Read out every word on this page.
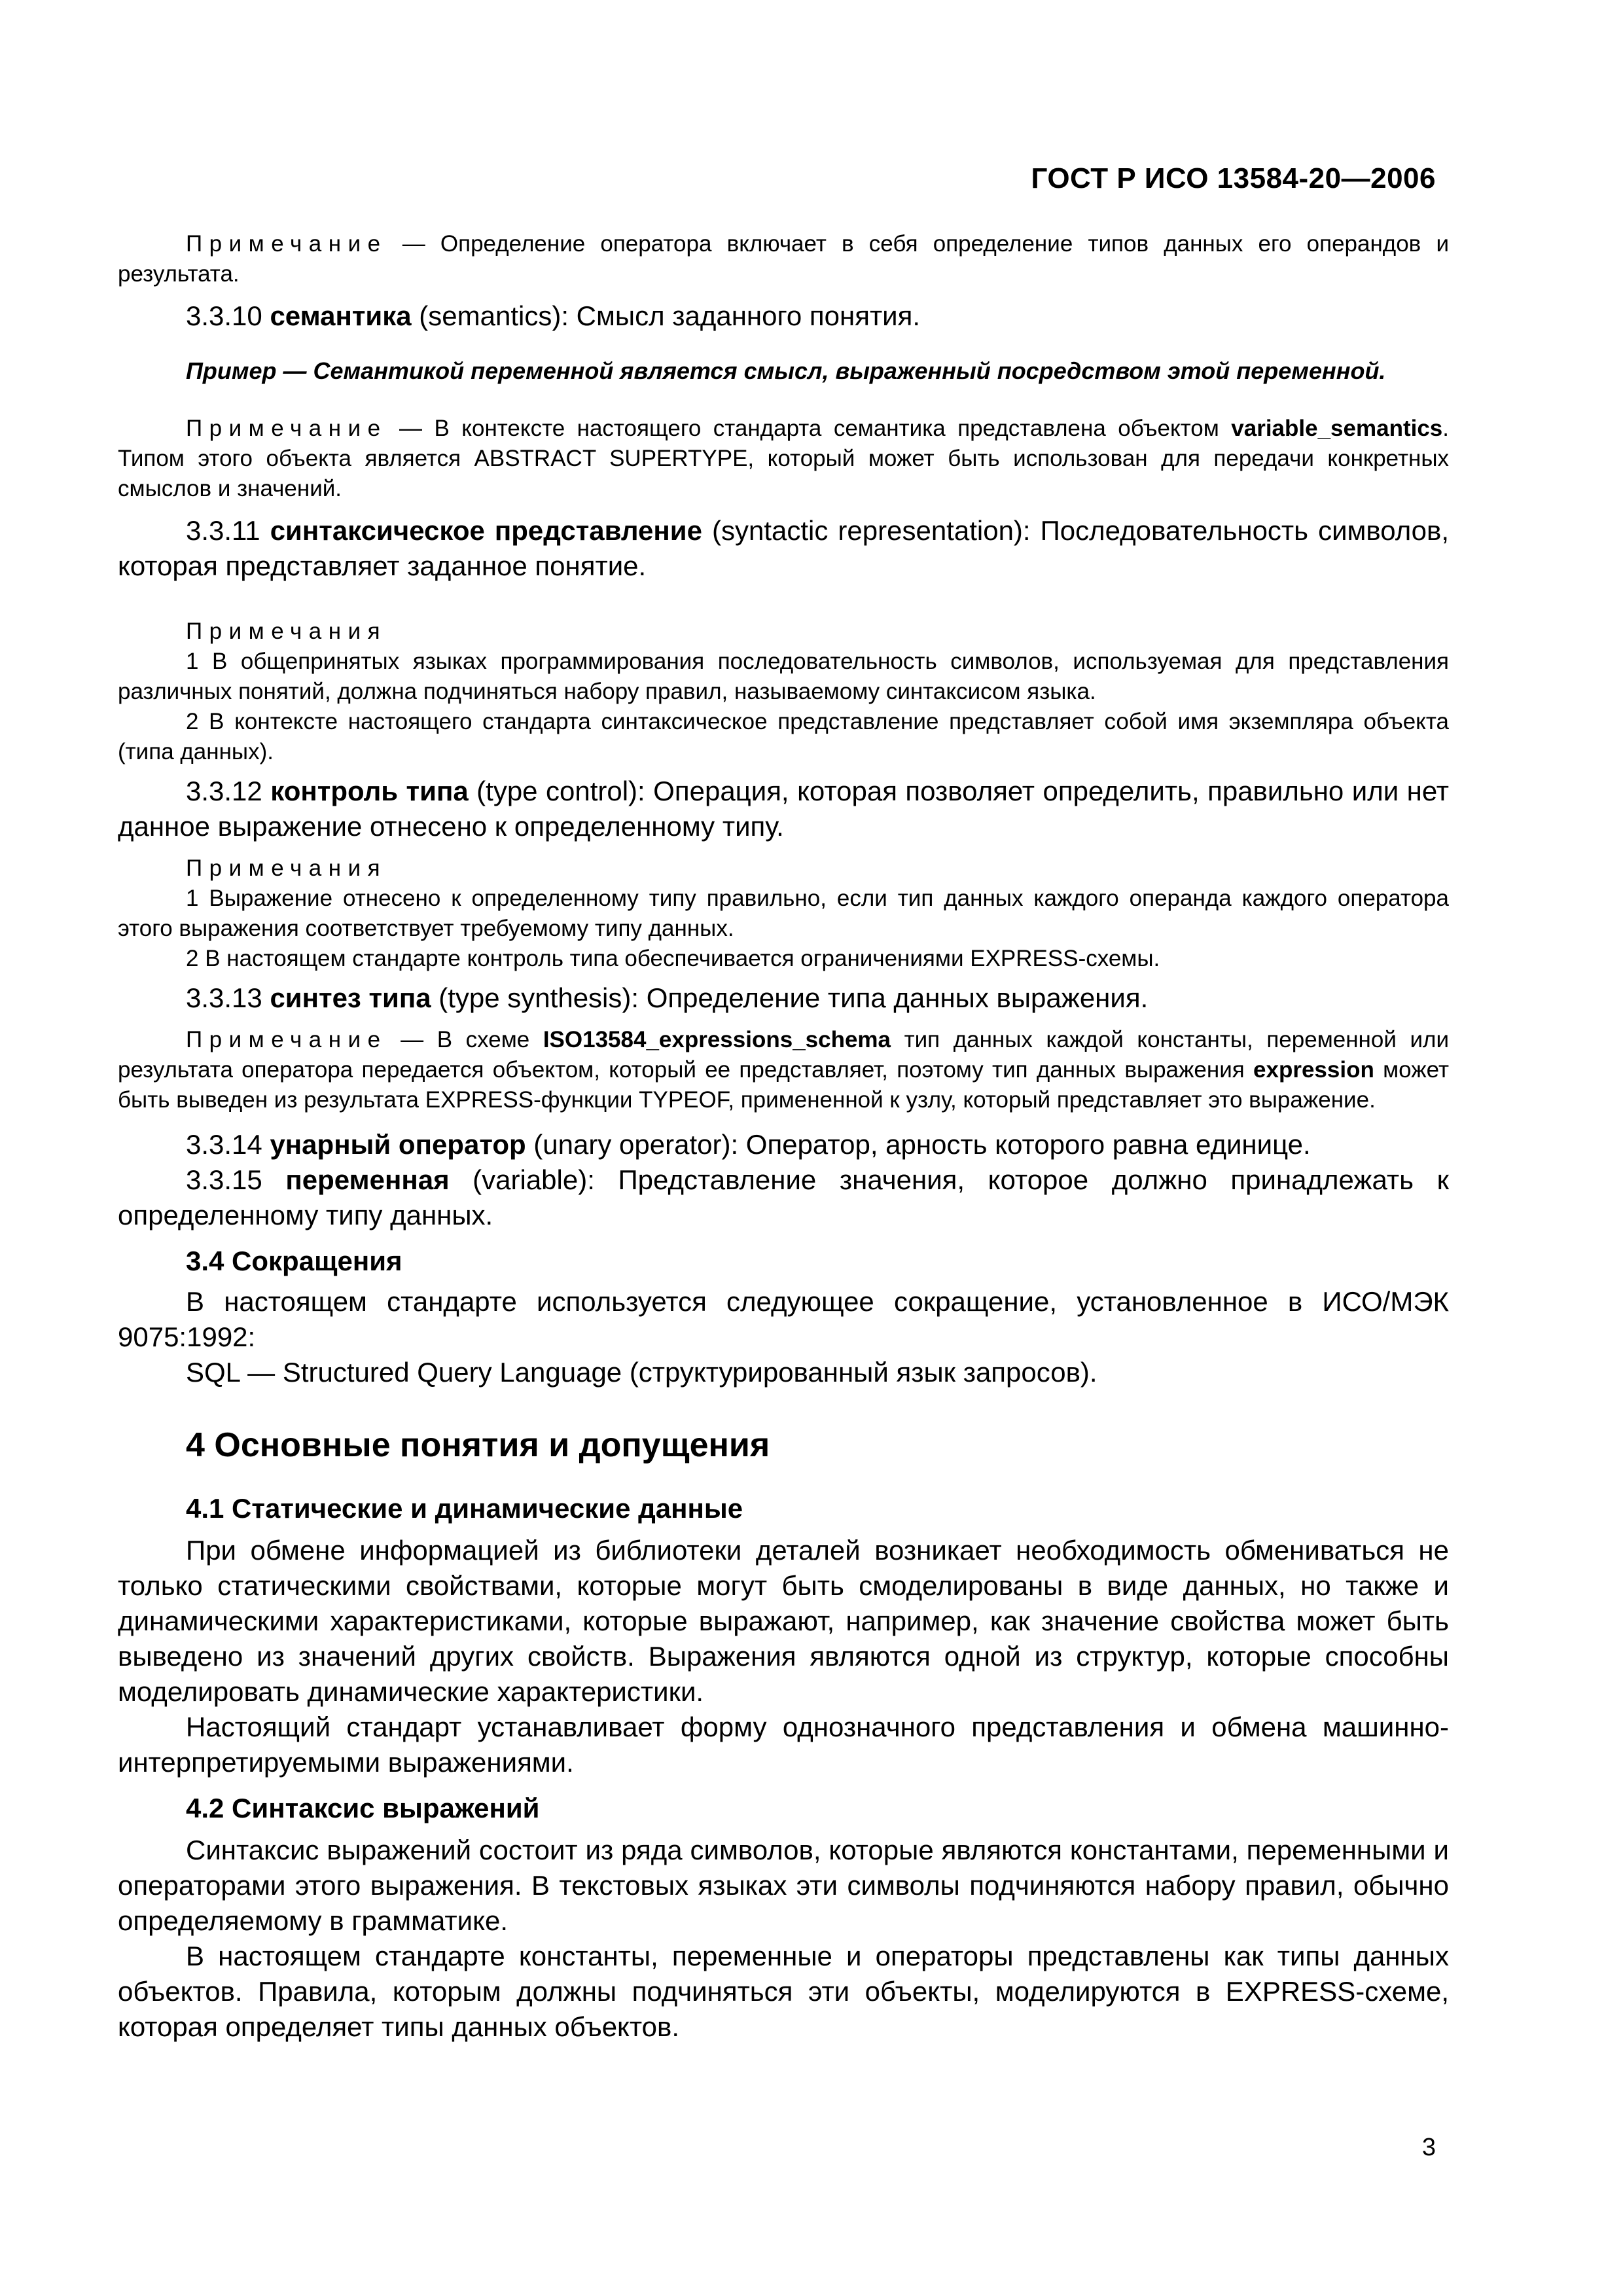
ГОСТ Р ИСО 13584-20—2006

Примечание — Определение оператора включает в себя определение типов данных его операндов и результата.

3.3.10 семантика (semantics): Смысл заданного понятия.

Пример — Семантикой переменной является смысл, выраженный посредством этой переменной.

Примечание — В контексте настоящего стандарта семантика представлена объектом variable_semantics. Типом этого объекта является ABSTRACT SUPERTYPE, который может быть использован для передачи конкретных смыслов и значений.

3.3.11 синтаксическое представление (syntactic representation): Последовательность символов, которая представляет заданное понятие.

Примечания

1 В общепринятых языках программирования последовательность символов, используемая для представления различных понятий, должна подчиняться набору правил, называемому синтаксисом языка.

2 В контексте настоящего стандарта синтаксическое представление представляет собой имя экземпляра объекта (типа данных).

3.3.12 контроль типа (type control): Операция, которая позволяет определить, правильно или нет данное выражение отнесено к определенному типу.

Примечания

1 Выражение отнесено к определенному типу правильно, если тип данных каждого операнда каждого оператора этого выражения соответствует требуемому типу данных.

2 В настоящем стандарте контроль типа обеспечивается ограничениями EXPRESS-схемы.

3.3.13 синтез типа (type synthesis): Определение типа данных выражения.

Примечание — В схеме ISO13584_expressions_schema тип данных каждой константы, переменной или результата оператора передается объектом, который ее представляет, поэтому тип данных выражения expression может быть выведен из результата EXPRESS-функции TYPEOF, примененной к узлу, который представляет это выражение.

3.3.14 унарный оператор (unary operator): Оператор, арность которого равна единице.

3.3.15 переменная (variable): Представление значения, которое должно принадлежать к определенному типу данных.

3.4 Сокращения

В настоящем стандарте используется следующее сокращение, установленное в ИСО/МЭК 9075:1992:

SQL — Structured Query Language (структурированный язык запросов).

4 Основные понятия и допущения

4.1 Статические и динамические данные

При обмене информацией из библиотеки деталей возникает необходимость обмениваться не только статическими свойствами, которые могут быть смоделированы в виде данных, но также и динамическими характеристиками, которые выражают, например, как значение свойства может быть выведено из значений других свойств. Выражения являются одной из структур, которые способны моделировать динамические характеристики.

Настоящий стандарт устанавливает форму однозначного представления и обмена машинно-интерпретируемыми выражениями.

4.2 Синтаксис выражений

Синтаксис выражений состоит из ряда символов, которые являются константами, переменными и операторами этого выражения. В текстовых языках эти символы подчиняются набору правил, обычно определяемому в грамматике.

В настоящем стандарте константы, переменные и операторы представлены как типы данных объектов. Правила, которым должны подчиняться эти объекты, моделируются в EXPRESS-схеме, которая определяет типы данных объектов.

3
